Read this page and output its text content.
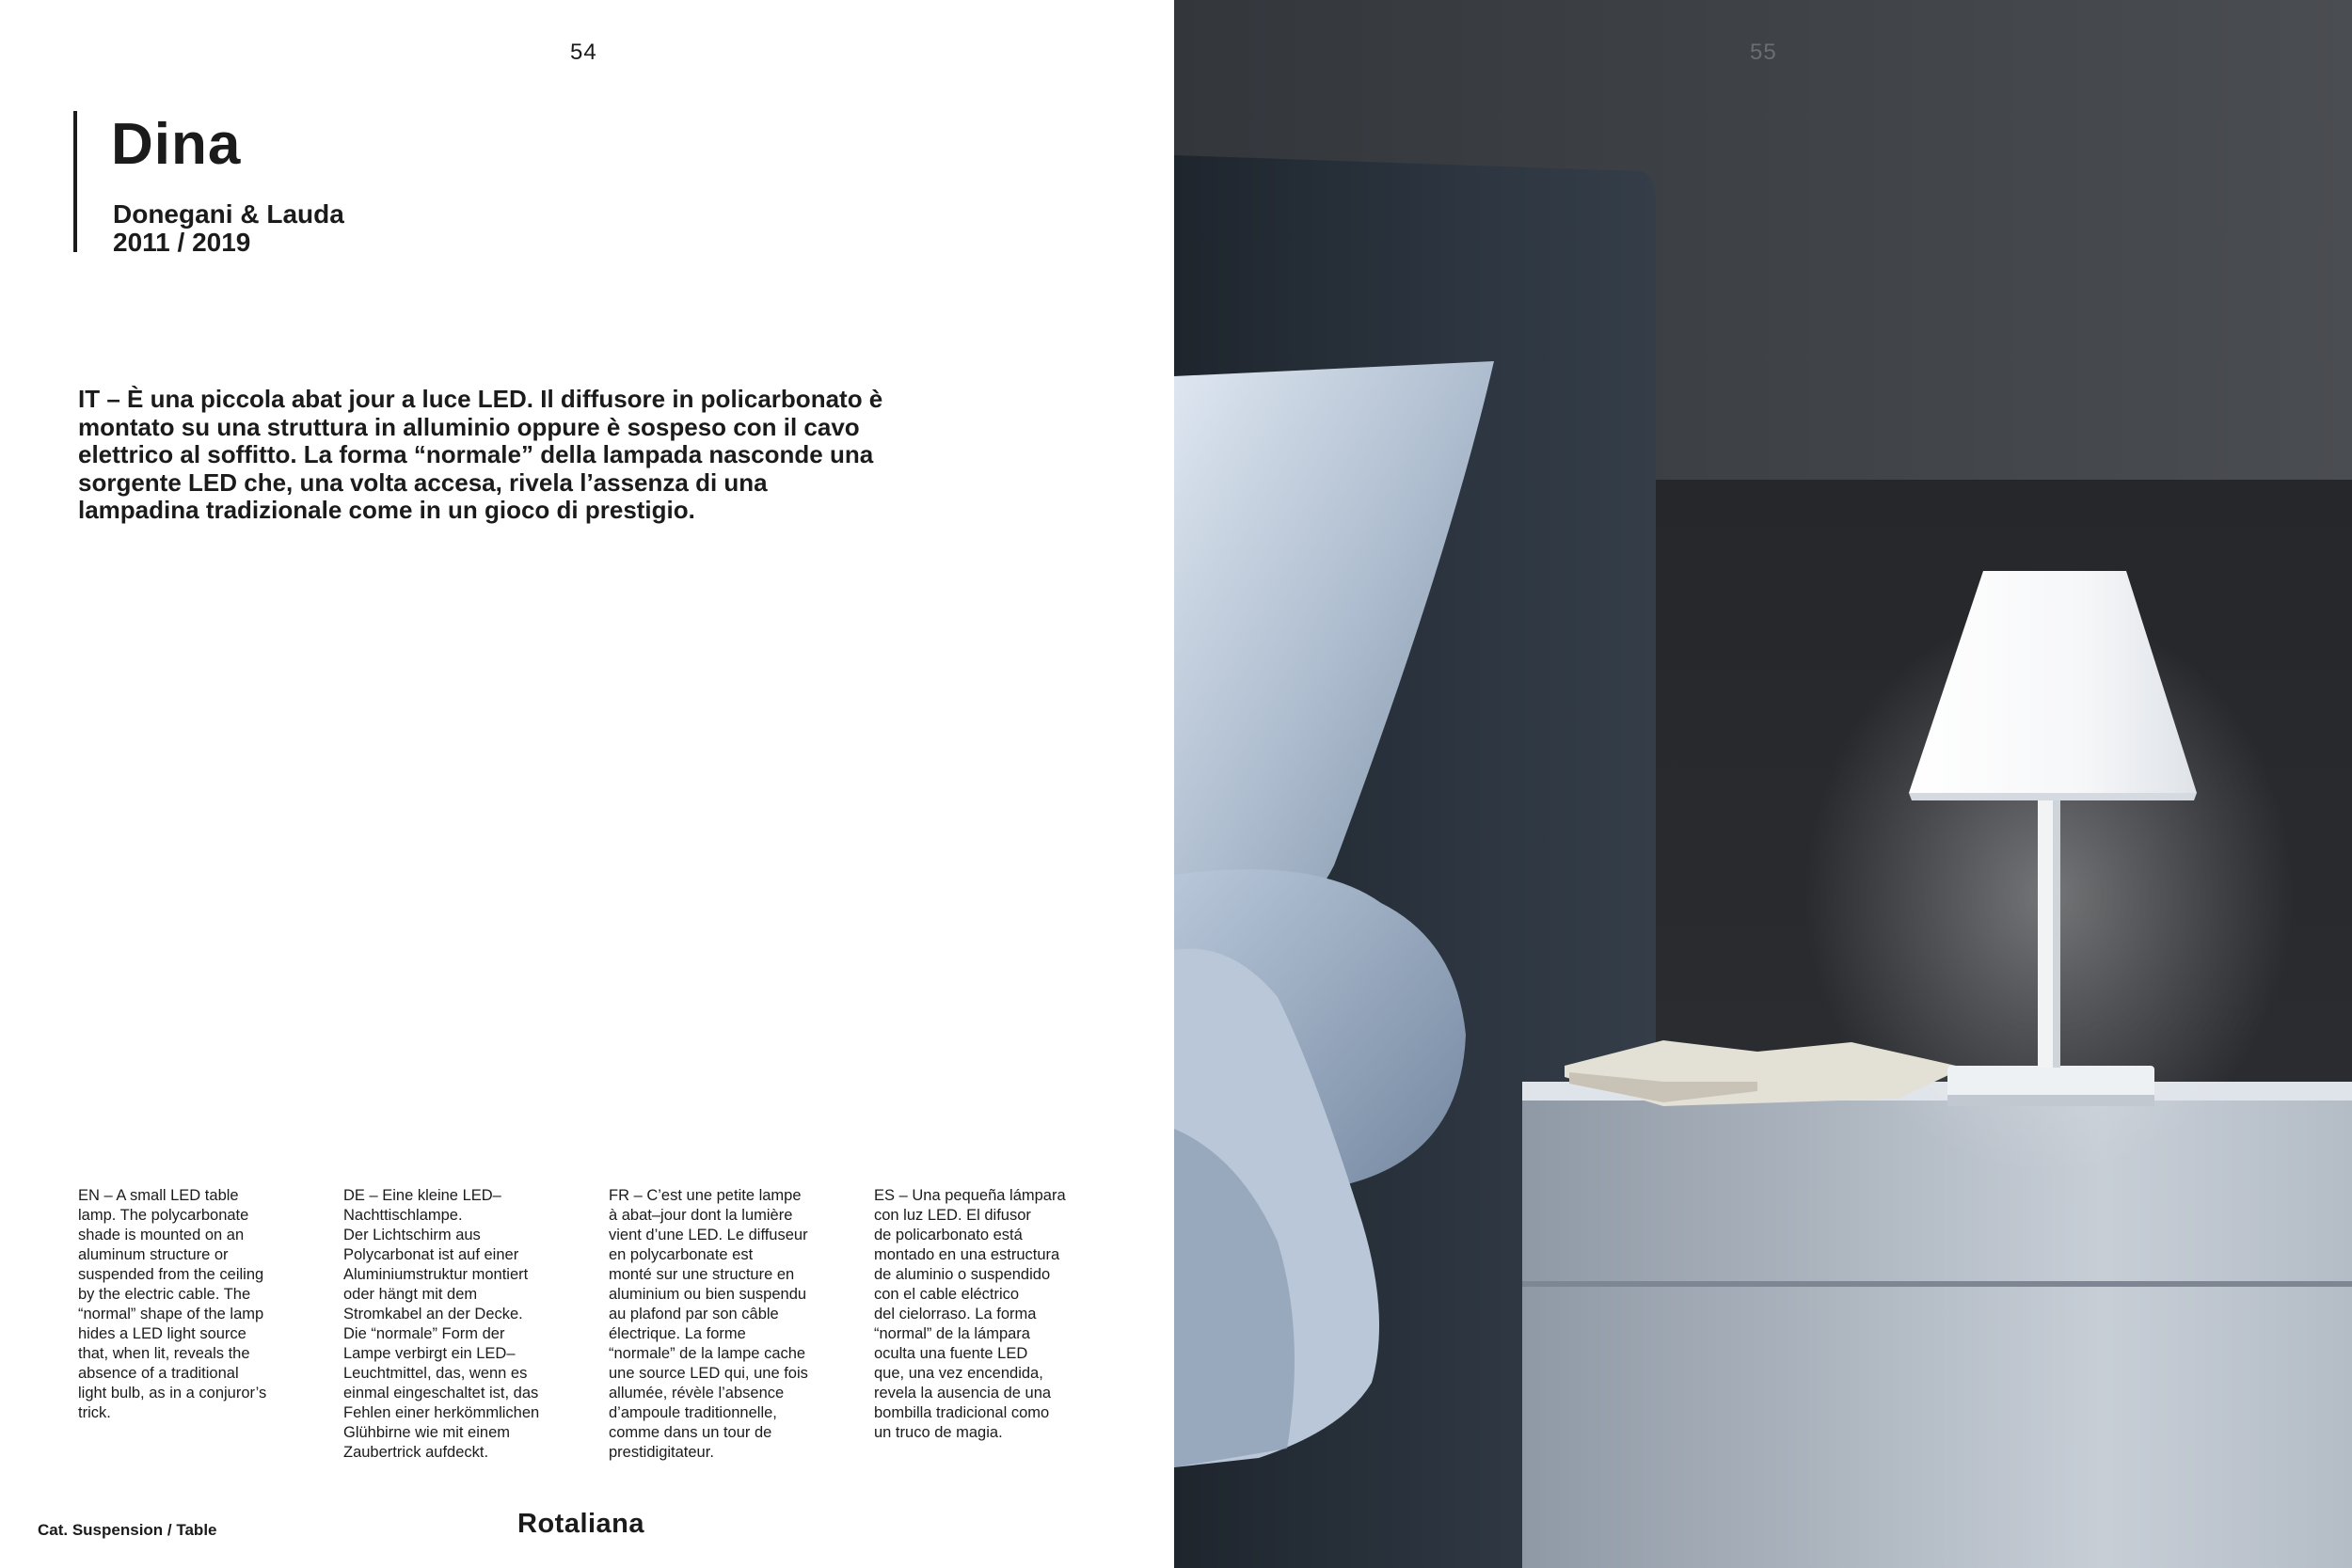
54
Dina
Donegani & Lauda
2011 / 2019
IT – È una piccola abat jour a luce LED. Il diffusore in policarbonato è montato su una struttura in alluminio oppure è sospeso con il cavo elettrico al soffitto. La forma “normale” della lampada nasconde una sorgente LED che, una volta accesa, rivela l’assenza di una lampadina tradizionale come in un gioco di prestigio.
EN – A small LED table
lamp. The polycarbonate
shade is mounted on an
aluminum structure or
suspended from the ceiling
by the electric cable. The
“normal” shape of the lamp
hides a LED light source
that, when lit, reveals the
absence of a traditional
light bulb, as in a conjuror’s
trick.
DE – Eine kleine LED–
Nachttischlampe.
Der Lichtschirm aus
Polycarbonat ist auf einer
Aluminiumstruktur montiert
oder hängt mit dem
Stromkabel an der Decke.
Die “normale” Form der
Lampe verbirgt ein LED–
Leuchtmittel, das, wenn es
einmal eingeschaltet ist, das
Fehlen einer herkömmlichen
Glühbirne wie mit einem
Zaubertrick aufdeckt.
FR – C’est une petite lampe
à abat–jour dont la lumière
vient d’une LED. Le diffuseur
en polycarbonate est
monté sur une structure en
aluminium ou bien suspendu
au plafond par son câble
électrique. La forme
“normale” de la lampe cache
une source LED qui, une fois
allumée, révèle l’absence
d’ampoule traditionnelle,
comme dans un tour de
prestidigitateur.
ES – Una pequeña lámpara
con luz LED. El difusor
de policarbonato está
montado en una estructura
de aluminio o suspendido
con el cable eléctrico
del cielorraso. La forma
“normal” de la lámpara
oculta una fuente LED
que, una vez encendida,
revela la ausencia de una
bombilla tradicional como
un truco de magia.
Cat. Suspension / Table	Rotaliana
55
